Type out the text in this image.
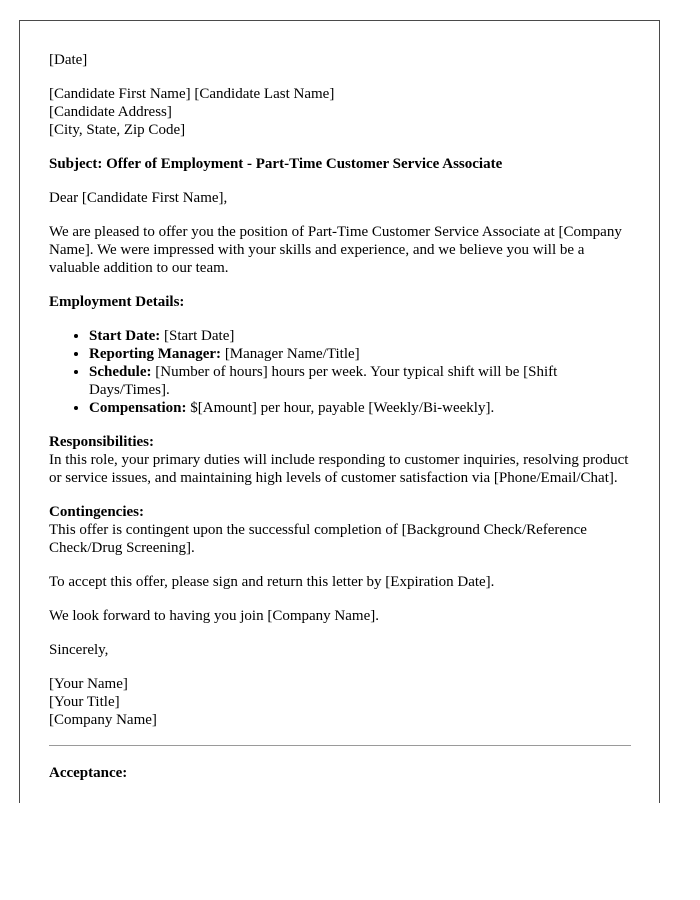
[Date]

[Candidate First Name] [Candidate Last Name]
[Candidate Address]
[City, State, Zip Code]

Subject: Offer of Employment - Part-Time Customer Service Associate

Dear [Candidate First Name],

We are pleased to offer you the position of Part-Time Customer Service Associate at [Company Name]. We were impressed with your skills and experience, and we believe you will be a valuable addition to our team.

Employment Details:

• Start Date: [Start Date]
• Reporting Manager: [Manager Name/Title]
• Schedule: [Number of hours] hours per week. Your typical shift will be [Shift Days/Times].
• Compensation: $[Amount] per hour, payable [Weekly/Bi-weekly].
Responsibilities:
In this role, your primary duties will include responding to customer inquiries, resolving product or service issues, and maintaining high levels of customer satisfaction via [Phone/Email/Chat].
Contingencies:
This offer is contingent upon the successful completion of [Background Check/Reference Check/Drug Screening].

To accept this offer, please sign and return this letter by [Expiration Date].

We look forward to having you join [Company Name].

Sincerely,

[Your Name]
[Your Title]
[Company Name]

Acceptance:
